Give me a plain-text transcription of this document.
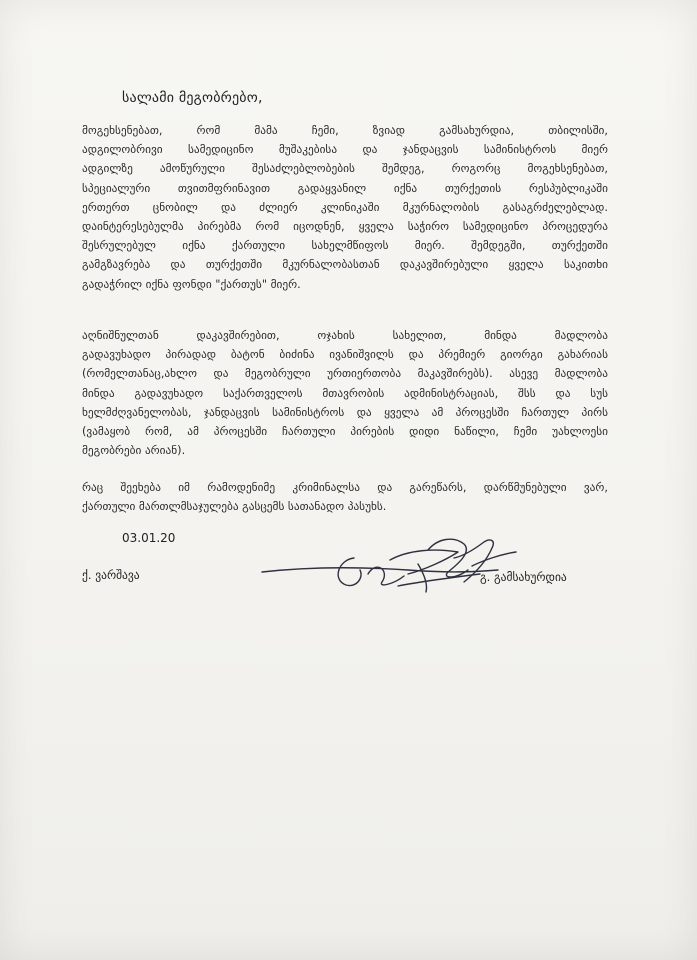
სალამი მეგობრებო,
მოგეხსენებათ, რომ მამა ჩემი, ზვიად გამსახურდია, თბილისში,
ადგილობრივი სამედიცინო მუშაკებისა და ჯანდაცვის სამინისტროს მიერ
ადგილზე ამოწურული შესაძლებლობების შემდეგ, როგორც მოგეხსენებათ,
სპეციალური თვითმფრინავით გადაყვანილ იქნა თურქეთის რესპუბლიკაში
ერთერთ ცნობილ და ძლიერ კლინიკაში მკურნალობის გასაგრძელებლად.
დაინტერესებულმა პირებმა რომ იცოდნენ, ყველა საჭირო სამედიცინო პროცედურა
შესრულებულ იქნა ქართული სახელმწიფოს მიერ. შემდეგში, თურქეთში
გამგზავრება და თურქეთში მკურნალობასთან დაკავშირებული ყველა საკითხი
გადაჭრილ იქნა ფონდი "ქართუს" მიერ.
აღნიშნულთან დაკავშირებით, ოჯახის სახელით, მინდა მადლობა
გადავუხადო პირადად ბატონ ბიძინა ივანიშვილს და პრემიერ გიორგი გახარიას
(რომელთანაც,ახლო და მეგობრული ურთიერთობა მაკავშირებს). ასევე მადლობა
მინდა გადავუხადო საქართველოს მთავრობის ადმინისტრაციას, შსს და სუს
ხელმძღვანელობას, ჯანდაცვის სამინისტროს და ყველა ამ პროცესში ჩართულ პირს
(ვამაყობ რომ, ამ პროცესში ჩართული პირების დიდი ნაწილი, ჩემი უახლოესი
მეგობრები არიან).
რაც შეეხება იმ რამოდენიმე კრიმინალსა და გარეწარს, დარწმუნებული ვარ,
ქართული მართლმსაჯულება გასცემს სათანადო პასუხს.
03.01.20
ქ. ვარშავა	გ. გამსახურდია
